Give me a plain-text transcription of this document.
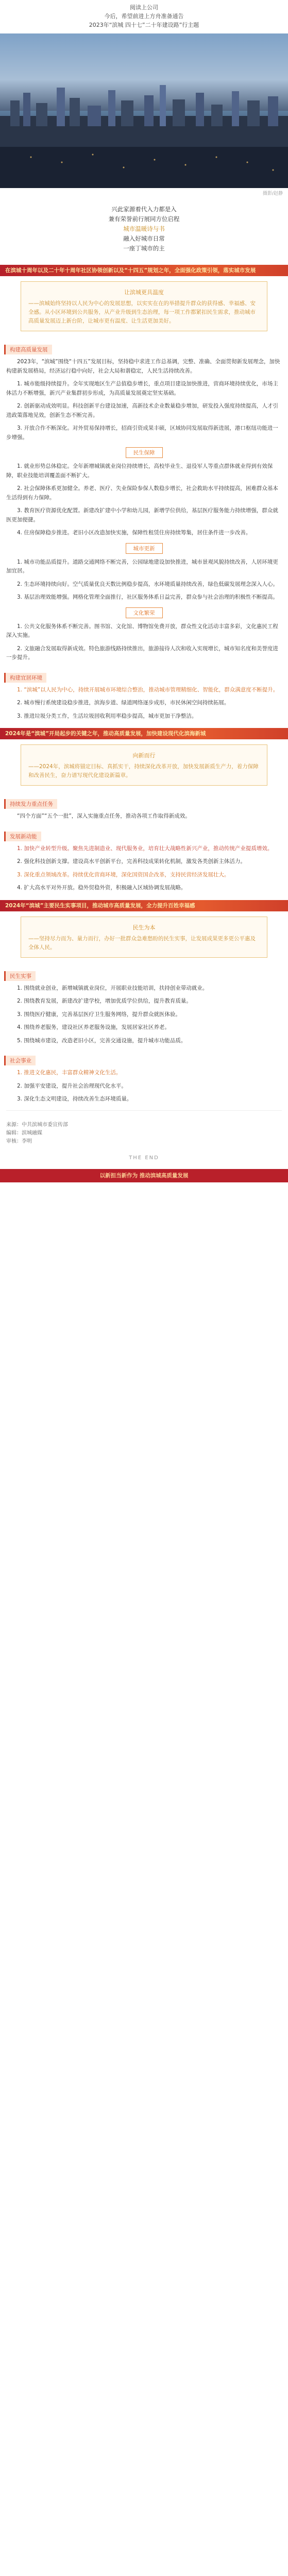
阅读上公司
今后，希望前进上方舟准备通告
2023年“滨城 四十七”二十年建设路”行主题
摄影/赵静
兴此家源着代入力都是入
兼有荣誉前行展同方位启程
城市温暖诗与书
融入好城市日常
一座丁城市的主
在滨城十周年以及二十年十周年社区协领创新以及“十四五”规划之年，全面强化政策引领，落实城市发展
让滨城更具温度
——滨城始终坚持以人民为中心的发展思想，以实实在在的举措提升群众的获得感、幸福感、安全感。从小区环境到公共服务，从产业升级到生态治理，每一项工作都紧扣民生需求，推动城市高质量发展迈上新台阶，让城市更有温度、让生活更加美好。
构建高质量发展

2023年，“滨城”围绕“十四五”发展目标，坚持稳中求进工作总基调，完整、准确、全面贯彻新发展理念，加快构建新发展格局，经济运行稳中向好，社会大局和谐稳定，人民生活持续改善。

1. 城市能级持续提升。全年实现地区生产总值稳步增长，重点项目建设加快推进，营商环境持续优化，市场主体活力不断增强，新兴产业集群初步形成，为高质量发展奠定坚实基础。

2. 创新驱动成效明显。科技创新平台建设加速，高新技术企业数量稳步增加，研发投入强度持续提高，人才引进政策落地见效，创新生态不断完善。

3. 开放合作不断深化。对外贸易保持增长，招商引资成果丰硕，区域协同发展取得新进展，港口枢纽功能进一步增强。

民生保障

1. 就业形势总体稳定。全年新增城镇就业岗位持续增长，高校毕业生、退役军人等重点群体就业得到有效保障，职业技能培训覆盖面不断扩大。

2. 社会保障体系更加健全。养老、医疗、失业保险参保人数稳步增长，社会救助水平持续提高，困难群众基本生活得到有力保障。

3. 教育医疗资源优化配置。新建改扩建中小学和幼儿园，新增学位供给，基层医疗服务能力持续增强，群众就医更加便捷。

4. 住房保障稳步推进。老旧小区改造加快实施，保障性租赁住房持续筹集，居住条件进一步改善。

城市更新

1. 城市功能品质提升。道路交通网络不断完善，公园绿地建设加快推进，城市景观风貌持续改善，人居环境更加宜居。

2. 生态环境持续向好。空气质量优良天数比例稳步提高，水环境质量持续改善，绿色低碳发展理念深入人心。

3. 基层治理效能增强。网格化管理全面推行，社区服务体系日益完善，群众参与社会治理的积极性不断提高。

文化繁荣

1. 公共文化服务体系不断完善。图书馆、文化馆、博物馆免费开放，群众性文化活动丰富多彩，文化惠民工程深入实施。

2. 文旅融合发展取得新成效。特色旅游线路持续推出，旅游接待人次和收入实现增长，城市知名度和美誉度进一步提升。

构建宜居环境

1. “滨城”以人民为中心，持续开展城市环境综合整治，推动城市管理精细化、智能化，群众满意度不断提升。

2. 城市慢行系统建设稳步推进，滨海步道、绿道网络逐步成形，市民休闲空间持续拓展。

3. 推进垃圾分类工作，生活垃圾回收利用率稳步提高，城市更加干净整洁。

2024年是“滨城”开局起步的关键之年，推动高质量发展，加快建设现代化滨海新城
向新而行
——2024年，滨城将锚定目标、真抓实干，持续深化改革开放，加快发展新质生产力，着力保障和改善民生，奋力谱写现代化建设新篇章。
持续发力重点任务

“四个方面”“五个一批”，深入实施重点任务，推动各项工作取得新成效。

发展新动能

1. 加快产业转型升级。聚焦先进制造业、现代服务业，培育壮大战略性新兴产业，推动传统产业提质增效。

2. 强化科技创新支撑。建设高水平创新平台，完善科技成果转化机制，激发各类创新主体活力。

3. 深化重点领域改革。持续优化营商环境，深化国资国企改革，支持民营经济发展壮大。

4. 扩大高水平对外开放。稳外贸稳外资，积极融入区域协调发展战略。

2024年“滨城”主要民生实事项目，推动城市高质量发展，全力提升百姓幸福感
民生为本
——坚持尽力而为、量力而行，办好一批群众急难愁盼的民生实事，让发展成果更多更公平惠及全体人民。
民生实事

1. 围绕就业创业，新增城镇就业岗位，开展职业技能培训，扶持创业带动就业。

2. 围绕教育发展，新建改扩建学校，增加优质学位供给，提升教育质量。

3. 围绕医疗健康，完善基层医疗卫生服务网络，提升群众就医体验。

4. 围绕养老服务，建设社区养老服务设施，发展居家社区养老。

5. 围绕城市建设，改造老旧小区，完善交通设施，提升城市功能品质。

社会事业

1. 推进文化惠民，丰富群众精神文化生活。

2. 加强平安建设，提升社会治理现代化水平。

3. 深化生态文明建设，持续改善生态环境质量。

来源：中共滨城市委宣传部
编辑：滨城融媒
审核：李明
THE END
以新担当新作为 推动滨城高质量发展
